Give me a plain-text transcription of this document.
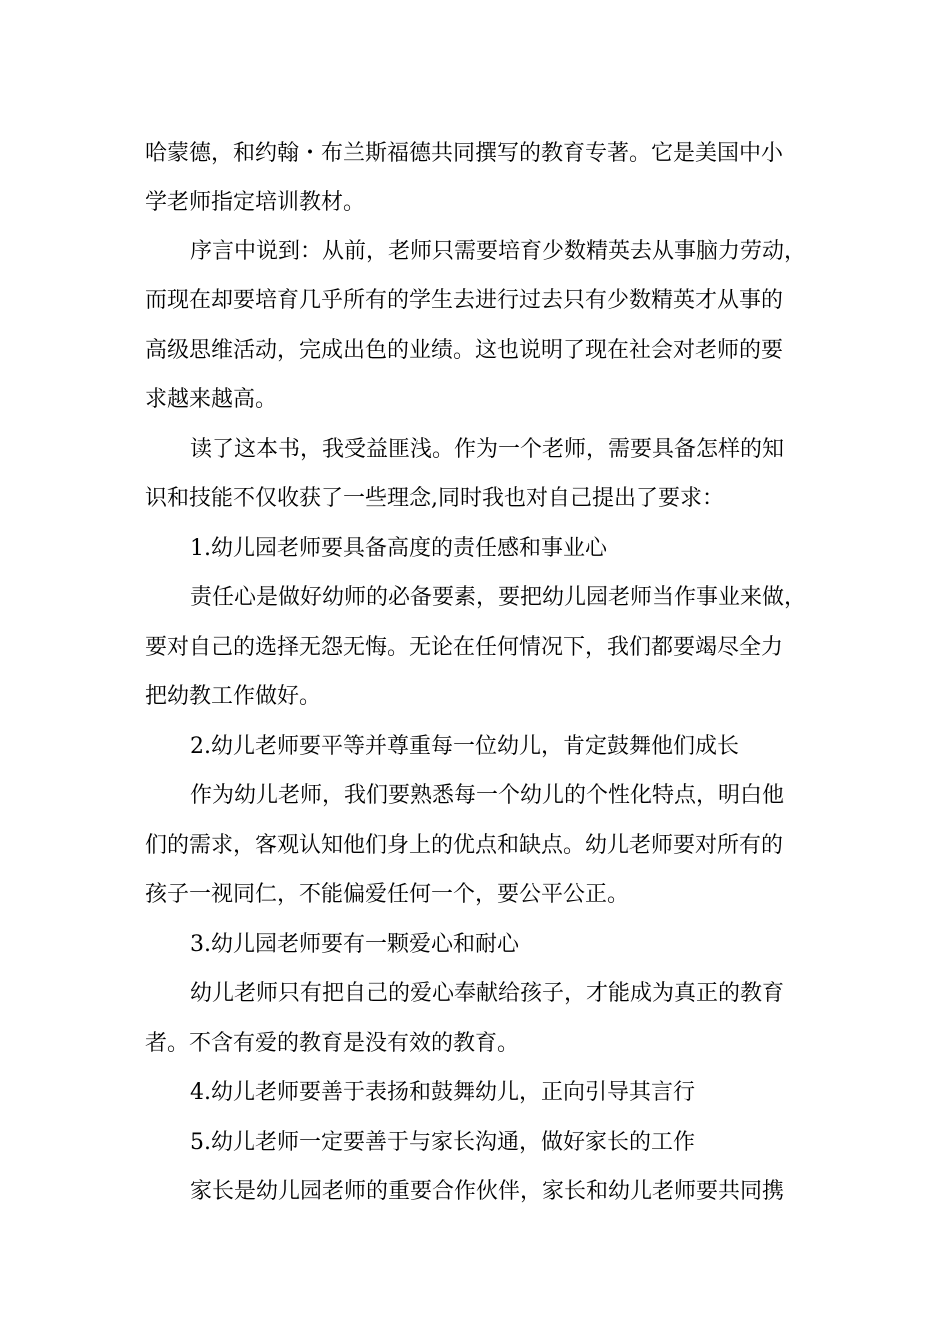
哈蒙德，和约翰・布兰斯福德共同撰写的教育专著。它是美国中小
学老师指定培训教材。
序言中说到：从前，老师只需要培育少数精英去从事脑力劳动，
而现在却要培育几乎所有的学生去进行过去只有少数精英才从事的
高级思维活动，完成出色的业绩。这也说明了现在社会对老师的要
求越来越高。
读了这本书，我受益匪浅。作为一个老师，需要具备怎样的知
识和技能不仅收获了一些理念,同时我也对自己提出了要求：
1.幼儿园老师要具备高度的责任感和事业心
责任心是做好幼师的必备要素，要把幼儿园老师当作事业来做，
要对自己的选择无怨无悔。无论在任何情况下，我们都要竭尽全力
把幼教工作做好。
2.幼儿老师要平等并尊重每一位幼儿，肯定鼓舞他们成长
作为幼儿老师，我们要熟悉每一个幼儿的个性化特点，明白他
们的需求，客观认知他们身上的优点和缺点。幼儿老师要对所有的
孩子一视同仁，不能偏爱任何一个，要公平公正。
3.幼儿园老师要有一颗爱心和耐心
幼儿老师只有把自己的爱心奉献给孩子，才能成为真正的教育
者。不含有爱的教育是没有效的教育。
4.幼儿老师要善于表扬和鼓舞幼儿，正向引导其言行
5.幼儿老师一定要善于与家长沟通，做好家长的工作
家长是幼儿园老师的重要合作伙伴，家长和幼儿老师要共同携
